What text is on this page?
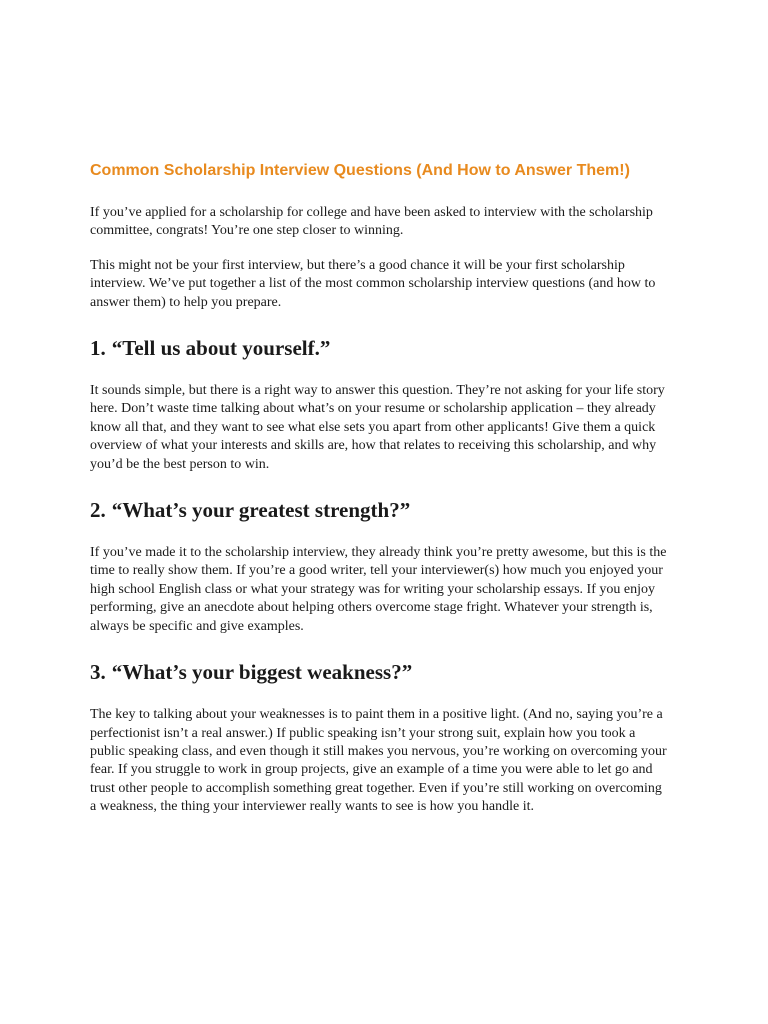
Common Scholarship Interview Questions (And How to Answer Them!)

If you’ve applied for a scholarship for college and have been asked to interview with the scholarship committee, congrats! You’re one step closer to winning.

This might not be your first interview, but there’s a good chance it will be your first scholarship interview. We’ve put together a list of the most common scholarship interview questions (and how to answer them) to help you prepare.

1. “Tell us about yourself.”

It sounds simple, but there is a right way to answer this question. They’re not asking for your life story here. Don’t waste time talking about what’s on your resume or scholarship application – they already know all that, and they want to see what else sets you apart from other applicants! Give them a quick overview of what your interests and skills are, how that relates to receiving this scholarship, and why you’d be the best person to win.

2. “What’s your greatest strength?”

If you’ve made it to the scholarship interview, they already think you’re pretty awesome, but this is the time to really show them. If you’re a good writer, tell your interviewer(s) how much you enjoyed your high school English class or what your strategy was for writing your scholarship essays. If you enjoy performing, give an anecdote about helping others overcome stage fright. Whatever your strength is, always be specific and give examples.

3. “What’s your biggest weakness?”

The key to talking about your weaknesses is to paint them in a positive light. (And no, saying you’re a perfectionist isn’t a real answer.) If public speaking isn’t your strong suit, explain how you took a public speaking class, and even though it still makes you nervous, you’re working on overcoming your fear. If you struggle to work in group projects, give an example of a time you were able to let go and trust other people to accomplish something great together. Even if you’re still working on overcoming a weakness, the thing your interviewer really wants to see is how you handle it.
